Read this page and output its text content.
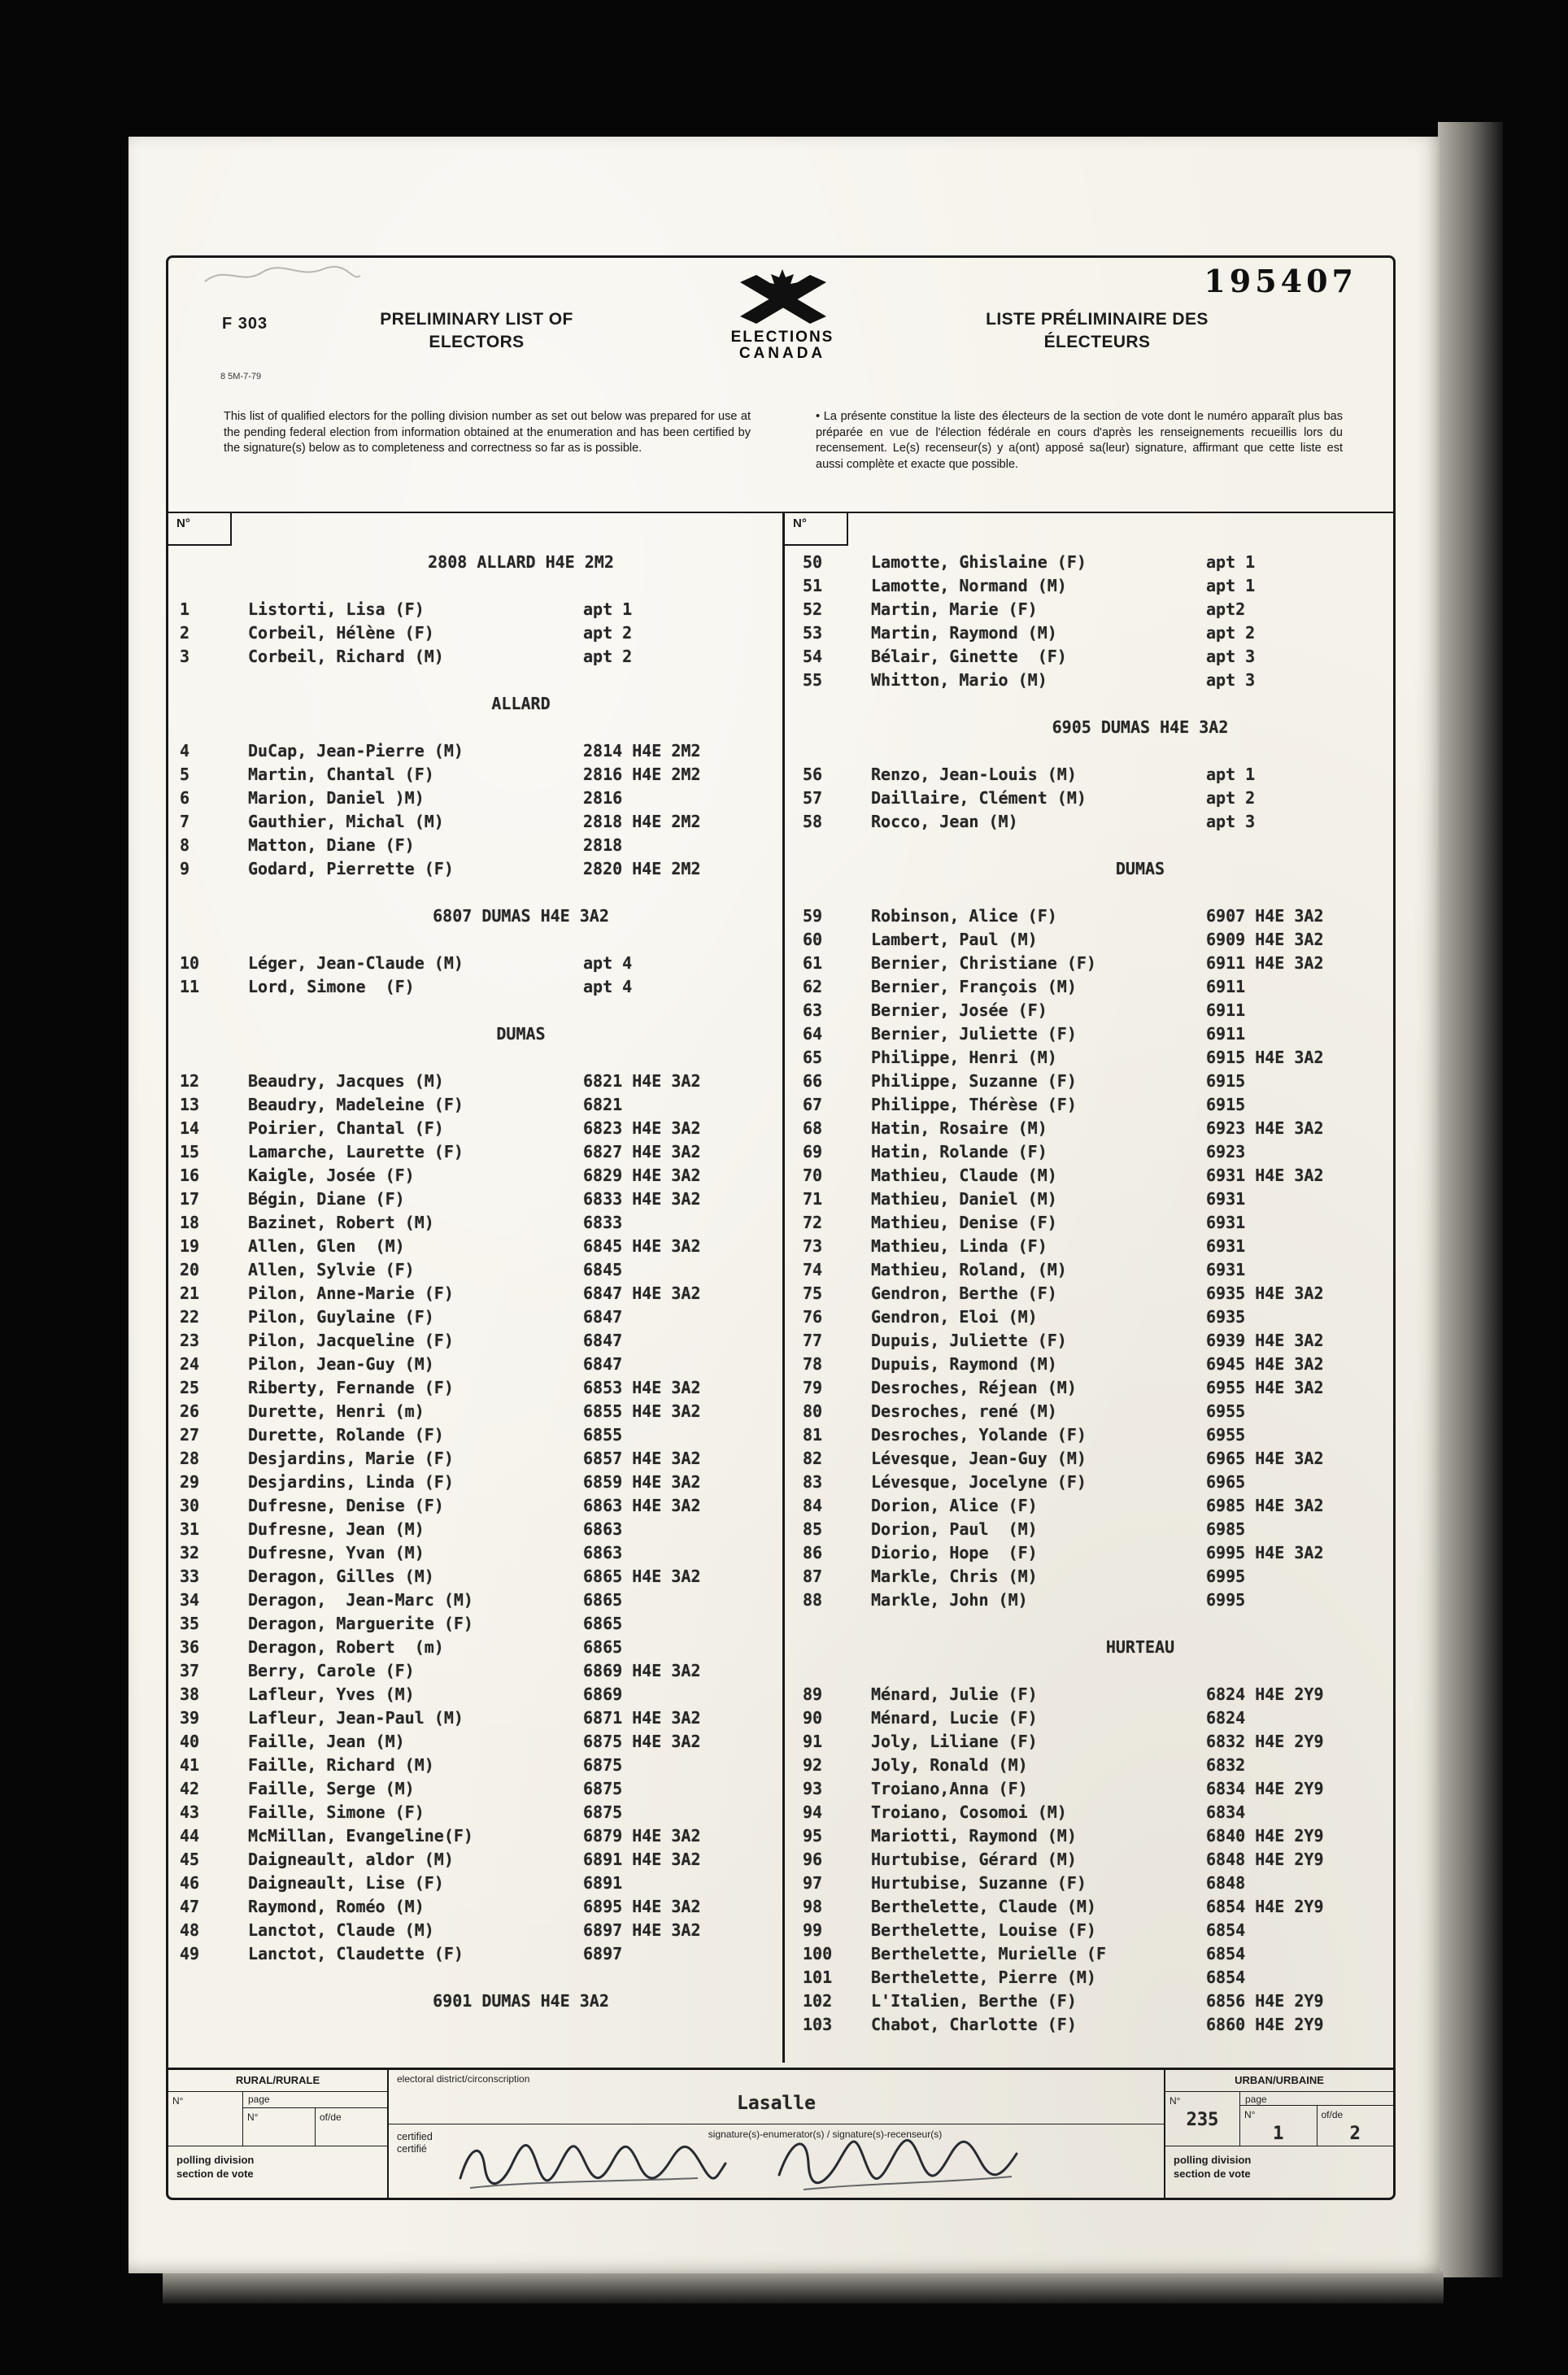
195407
F 303
8 5M-7-79
PRELIMINARY LIST OF
ELECTORS	ELECTIONS
CANADA
LISTE PRÉLIMINAIRE DES
ÉLECTEURS
This list of qualified electors for the polling division number as set out below was prepared for use at the pending federal election from information obtained at the enumeration and has been certified by the signature(s) below as to completeness and correctness so far as is possible.
• La présente constitue la liste des électeurs de la section de vote dont le numéro apparaît plus bas préparée en vue de l'élection fédérale en cours d'après les renseignements recueillis lors du recensement. Le(s) recenseur(s) y a(ont) apposé sa(leur) signature, affirmant que cette liste est aussi complète et exacte que possible.
N°	N°
2808 ALLARD H4E 2M2
1	Listorti, Lisa (F)	apt 1
2	Corbeil, Hélène (F)	apt 2
3	Corbeil, Richard (M)	apt 2
ALLARD
4	DuCap, Jean-Pierre (M)	2814 H4E 2M2
5	Martin, Chantal (F)	2816 H4E 2M2
6	Marion, Daniel )M)	2816
7	Gauthier, Michal (M)	2818 H4E 2M2
8	Matton, Diane (F)	2818
9	Godard, Pierrette (F)	2820 H4E 2M2
6807 DUMAS H4E 3A2
10	Léger, Jean-Claude (M)	apt 4
11	Lord, Simone  (F)	apt 4
DUMAS
12	Beaudry, Jacques (M)	6821 H4E 3A2
13	Beaudry, Madeleine (F)	6821
14	Poirier, Chantal (F)	6823 H4E 3A2
15	Lamarche, Laurette (F)	6827 H4E 3A2
16	Kaigle, Josée (F)	6829 H4E 3A2
17	Bégin, Diane (F)	6833 H4E 3A2
18	Bazinet, Robert (M)	6833
19	Allen, Glen  (M)	6845 H4E 3A2
20	Allen, Sylvie (F)	6845
21	Pilon, Anne-Marie (F)	6847 H4E 3A2
22	Pilon, Guylaine (F)	6847
23	Pilon, Jacqueline (F)	6847
24	Pilon, Jean-Guy (M)	6847
25	Riberty, Fernande (F)	6853 H4E 3A2
26	Durette, Henri (m)	6855 H4E 3A2
27	Durette, Rolande (F)	6855
28	Desjardins, Marie (F)	6857 H4E 3A2
29	Desjardins, Linda (F)	6859 H4E 3A2
30	Dufresne, Denise (F)	6863 H4E 3A2
31	Dufresne, Jean (M)	6863
32	Dufresne, Yvan (M)	6863
33	Deragon, Gilles (M)	6865 H4E 3A2
34	Deragon,  Jean-Marc (M)	6865
35	Deragon, Marguerite (F)	6865
36	Deragon, Robert  (m)	6865
37	Berry, Carole (F)	6869 H4E 3A2
38	Lafleur, Yves (M)	6869
39	Lafleur, Jean-Paul (M)	6871 H4E 3A2
40	Faille, Jean (M)	6875 H4E 3A2
41	Faille, Richard (M)	6875
42	Faille, Serge (M)	6875
43	Faille, Simone (F)	6875
44	McMillan, Evangeline(F)	6879 H4E 3A2
45	Daigneault, aldor (M)	6891 H4E 3A2
46	Daigneault, Lise (F)	6891
47	Raymond, Roméo (M)	6895 H4E 3A2
48	Lanctot, Claude (M)	6897 H4E 3A2
49	Lanctot, Claudette (F)	6897
6901 DUMAS H4E 3A2
50	Lamotte, Ghislaine (F)	apt 1
51	Lamotte, Normand (M)	apt 1
52	Martin, Marie (F)	apt2
53	Martin, Raymond (M)	apt 2
54	Bélair, Ginette  (F)	apt 3
55	Whitton, Mario (M)	apt 3
6905 DUMAS H4E 3A2
56	Renzo, Jean-Louis (M)	apt 1
57	Daillaire, Clément (M)	apt 2
58	Rocco, Jean (M)	apt 3
DUMAS
59	Robinson, Alice (F)	6907 H4E 3A2
60	Lambert, Paul (M)	6909 H4E 3A2
61	Bernier, Christiane (F)	6911 H4E 3A2
62	Bernier, François (M)	6911
63	Bernier, Josée (F)	6911
64	Bernier, Juliette (F)	6911
65	Philippe, Henri (M)	6915 H4E 3A2
66	Philippe, Suzanne (F)	6915
67	Philippe, Thérèse (F)	6915
68	Hatin, Rosaire (M)	6923 H4E 3A2
69	Hatin, Rolande (F)	6923
70	Mathieu, Claude (M)	6931 H4E 3A2
71	Mathieu, Daniel (M)	6931
72	Mathieu, Denise (F)	6931
73	Mathieu, Linda (F)	6931
74	Mathieu, Roland, (M)	6931
75	Gendron, Berthe (F)	6935 H4E 3A2
76	Gendron, Eloi (M)	6935
77	Dupuis, Juliette (F)	6939 H4E 3A2
78	Dupuis, Raymond (M)	6945 H4E 3A2
79	Desroches, Réjean (M)	6955 H4E 3A2
80	Desroches, rené (M)	6955
81	Desroches, Yolande (F)	6955
82	Lévesque, Jean-Guy (M)	6965 H4E 3A2
83	Lévesque, Jocelyne (F)	6965
84	Dorion, Alice (F)	6985 H4E 3A2
85	Dorion, Paul  (M)	6985
86	Diorio, Hope  (F)	6995 H4E 3A2
87	Markle, Chris (M)	6995
88	Markle, John (M)	6995
HURTEAU
89	Ménard, Julie (F)	6824 H4E 2Y9
90	Ménard, Lucie (F)	6824
91	Joly, Liliane (F)	6832 H4E 2Y9
92	Joly, Ronald (M)	6832
93	Troiano,Anna (F)	6834 H4E 2Y9
94	Troiano, Cosomoi (M)	6834
95	Mariotti, Raymond (M)	6840 H4E 2Y9
96	Hurtubise, Gérard (M)	6848 H4E 2Y9
97	Hurtubise, Suzanne (F)	6848
98	Berthelette, Claude (M)	6854 H4E 2Y9
99	Berthelette, Louise (F)	6854
100	Berthelette, Murielle (F	6854
101	Berthelette, Pierre (M)	6854
102	L'Italien, Berthe (F)	6856 H4E 2Y9
103	Chabot, Charlotte (F)	6860 H4E 2Y9
RURAL/RURALE
N°	page
N°	of/de
polling division
section de vote
electoral district/circonscription
Lasalle
certified
certifié
signature(s)-enumerator(s) / signature(s)-recenseur(s)
URBAN/URBAINE
N°
235
page
N°
1
of/de
2
polling division
section de vote
